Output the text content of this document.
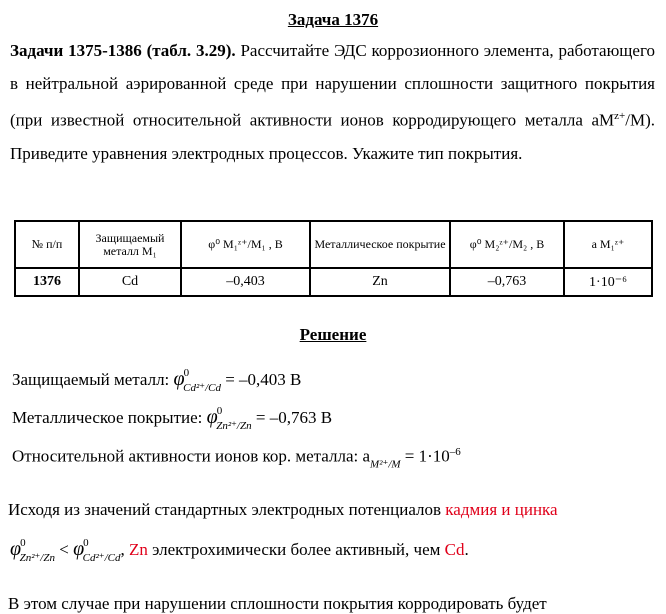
Задача 1376
Задачи 1375-1386 (табл. 3.29). Рассчитайте ЭДС коррозионного элемента, работающего в нейтральной аэрированной среде при нарушении сплошности защитного покрытия (при известной относительной активности ионов корродирующего металла $aM^{z+}/M$). Приведите уравнения электродных процессов. Укажите тип покрытия.
№ п/п	Защищаемый металл М₁	φ⁰ M₁ᶻ⁺/M₁ , В	Металлическое покрытие	φ⁰ M₂ᶻ⁺/M₂ , В	a M₁ᶻ⁺
1376	Cd	–0,403	Zn	–0,763	1·10⁻⁶
Решение
Защищаемый металл: $\varphi 0_{Cd^{2+}/Cd} = -0,403$ В
Металлическое покрытие: $\varphi 0_{Zn^{2+}/Zn} = -0,763$ В
Относительной активности ионов кор. металла: $a_{M^{2+}/M} = 1\cdot 10^{-6}$
Исходя из значений стандартных электродных потенциалов кадмия и цинка
$\varphi 0_{Zn^{2+}/Zn} < \varphi 0_{Cd^{2+}/Cd}$, Zn электрохимически более активный, чем Cd.
В этом случае при нарушении сплошности покрытия корродировать будет
